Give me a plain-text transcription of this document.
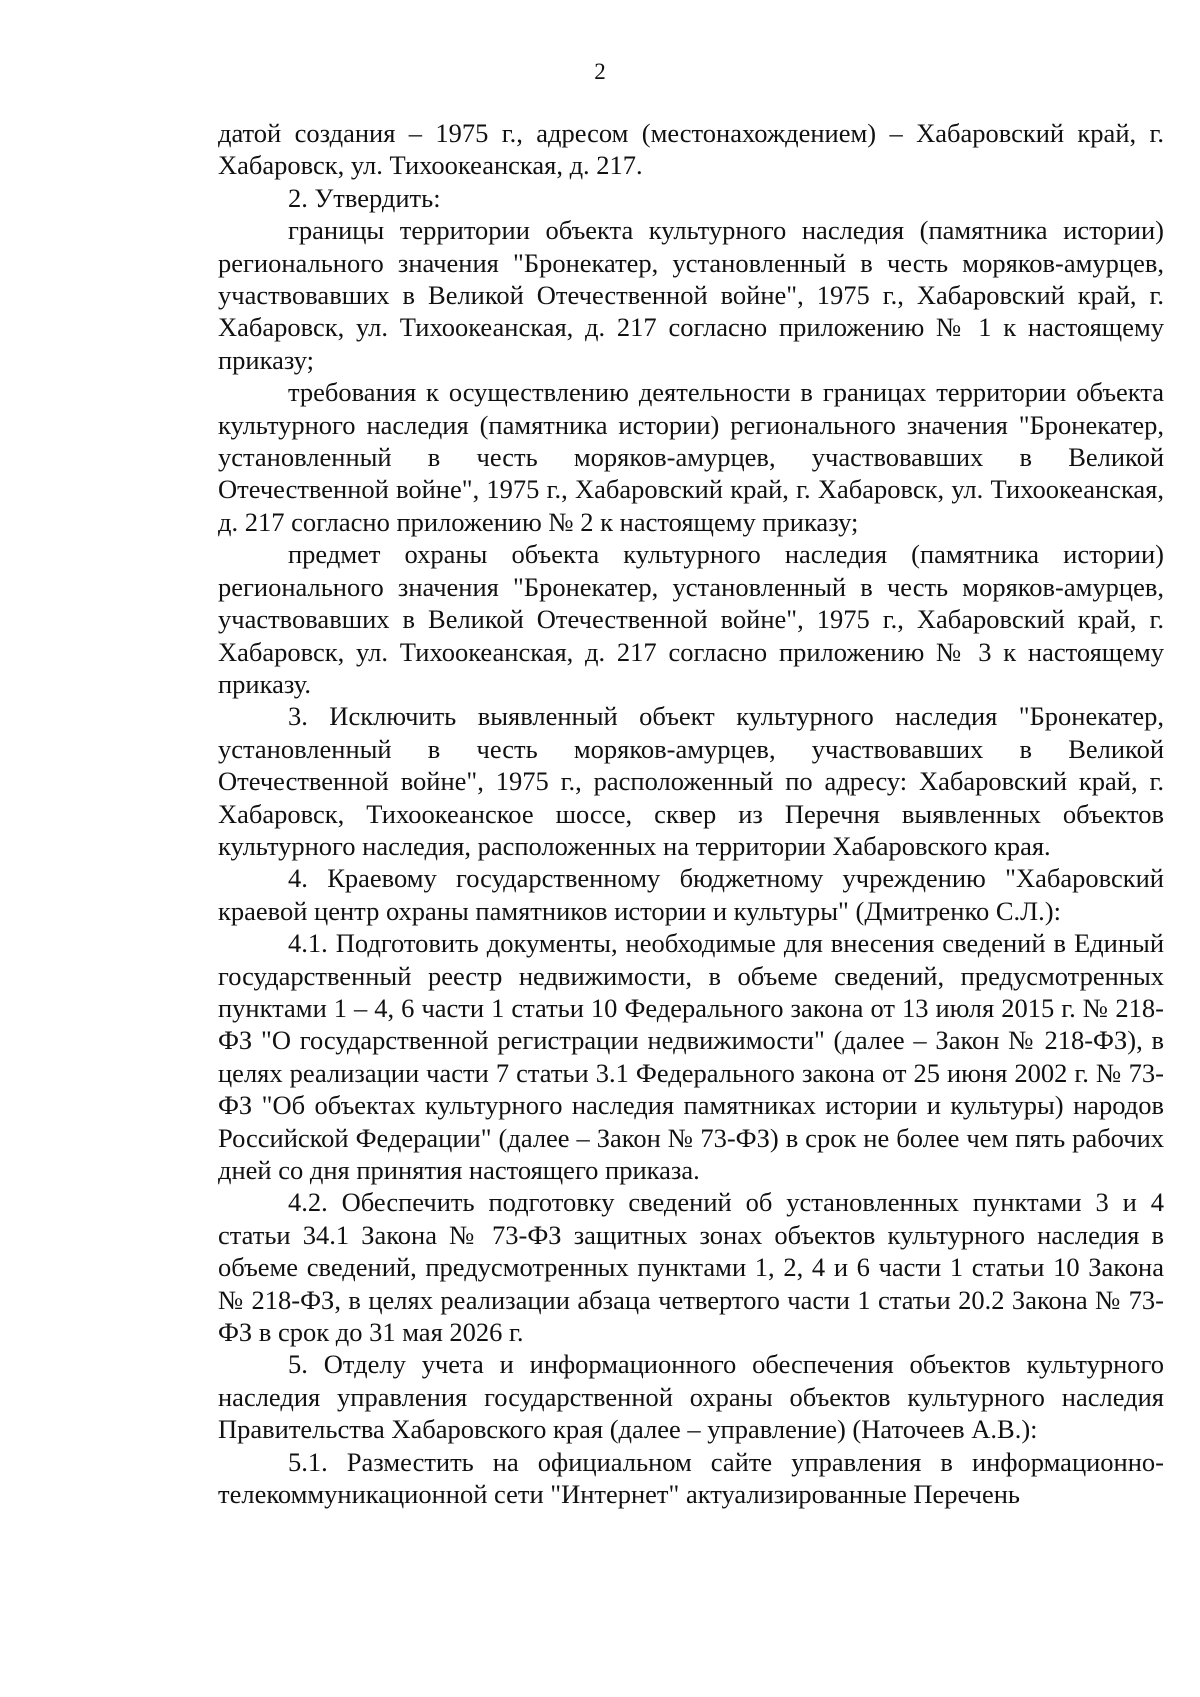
2

датой создания – 1975 г., адресом (местонахождением) – Хабаровский край, г. Хабаровск, ул. Тихоокеанская, д. 217.

2. Утвердить:

границы территории объекта культурного наследия (памятника истории) регионального значения "Бронекатер, установленный в честь моряков-амурцев, участвовавших в Великой Отечественной войне", 1975 г., Хабаровский край, г. Хабаровск, ул. Тихоокеанская, д. 217 согласно приложению № 1 к настоящему приказу;

требования к осуществлению деятельности в границах территории объекта культурного наследия (памятника истории) регионального значения "Бронекатер, установленный в честь моряков-амурцев, участвовавших в Великой Отечественной войне", 1975 г., Хабаровский край, г. Хабаровск, ул. Тихоокеанская, д. 217 согласно приложению № 2 к настоящему приказу;

предмет охраны объекта культурного наследия (памятника истории) регионального значения "Бронекатер, установленный в честь моряков-амурцев, участвовавших в Великой Отечественной войне", 1975 г., Хабаровский край, г. Хабаровск, ул. Тихоокеанская, д. 217 согласно приложению № 3 к настоящему приказу.

3. Исключить выявленный объект культурного наследия "Бронекатер, установленный в честь моряков-амурцев, участвовавших в Великой Отечественной войне", 1975 г., расположенный по адресу: Хабаровский край, г. Хабаровск, Тихоокеанское шоссе, сквер из Перечня выявленных объектов культурного наследия, расположенных на территории Хабаровского края.

4. Краевому государственному бюджетному учреждению "Хабаровский краевой центр охраны памятников истории и культуры" (Дмитренко С.Л.):

4.1. Подготовить документы, необходимые для внесения сведений в Единый государственный реестр недвижимости, в объеме сведений, предусмотренных пунктами 1 – 4, 6 части 1 статьи 10 Федерального закона от 13 июля 2015 г. № 218-ФЗ "О государственной регистрации недвижимости" (далее – Закон № 218-ФЗ), в целях реализации части 7 статьи 3.1 Федерального закона от 25 июня 2002 г. № 73-ФЗ "Об объектах культурного наследия памятниках истории и культуры) народов Российской Федерации" (далее – Закон № 73-ФЗ) в срок не более чем пять рабочих дней со дня принятия настоящего приказа.

4.2. Обеспечить подготовку сведений об установленных пунктами 3 и 4 статьи 34.1 Закона № 73-ФЗ защитных зонах объектов культурного наследия в объеме сведений, предусмотренных пунктами 1, 2, 4 и 6 части 1 статьи 10 Закона № 218-ФЗ, в целях реализации абзаца четвертого части 1 статьи 20.2 Закона № 73-ФЗ в срок до 31 мая 2026 г.

5. Отделу учета и информационного обеспечения объектов культурного наследия управления государственной охраны объектов культурного наследия Правительства Хабаровского края (далее – управление) (Наточеев А.В.):

5.1. Разместить на официальном сайте управления в информационно-телекоммуникационной сети "Интернет" актуализированные Перечень
